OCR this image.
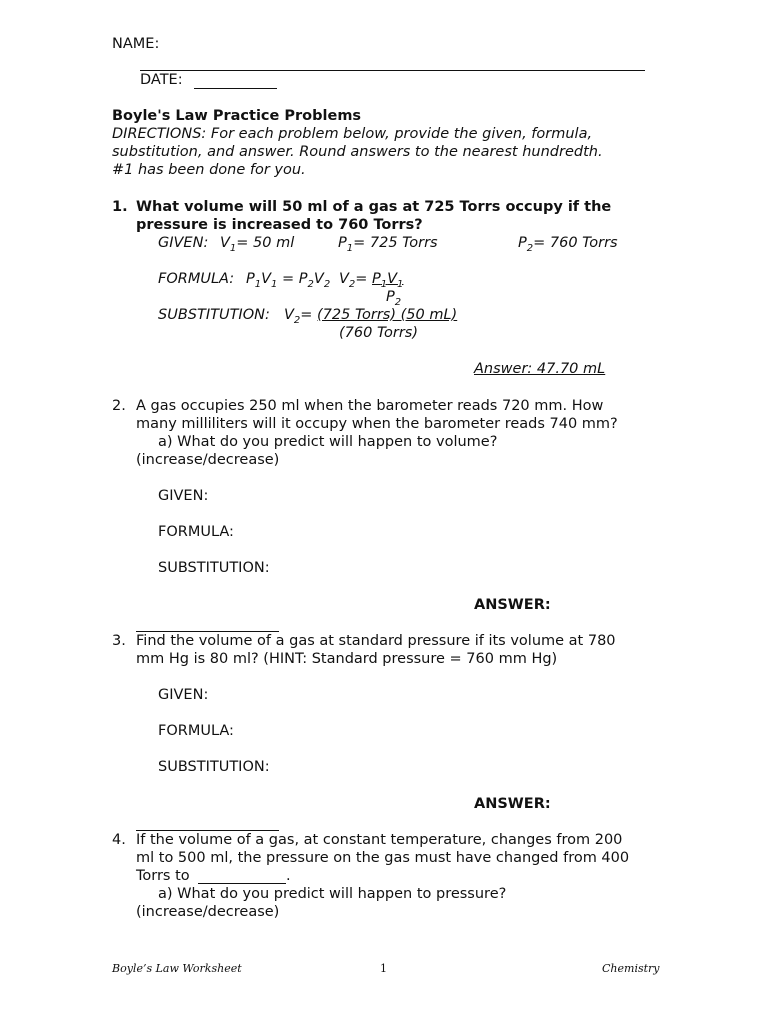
NAME:
DATE:
Boyle's Law Practice Problems
DIRECTIONS: For each problem below, provide the given, formula,
substitution, and answer. Round answers to the nearest hundredth.
#1 has been done for you.
1. What volume will 50 ml of a gas at 725 Torrs occupy if the
pressure is increased to 760 Torrs?
GIVEN: $V_1= 50$ ml	$P_1= 725$ Torrs	$P_2= 760$ Torrs
FORMULA: $P_1V_1 = P_2V_2$ $V_2= P_1V_1$
$P_2$
SUBSTITUTION: $V_2= (725$ Torrs) (50 mL)
(760 Torrs)
Answer: 47.70 mL
2. A gas occupies 250 ml when the barometer reads 720 mm. How
many milliliters will it occupy when the barometer reads 740 mm?
a) What do you predict will happen to volume?
(increase/decrease)
GIVEN:
FORMULA:
SUBSTITUTION:
ANSWER:
3. Find the volume of a gas at standard pressure if its volume at 780
mm Hg is 80 ml? (HINT: Standard pressure = 760 mm Hg)
GIVEN:
FORMULA:
SUBSTITUTION:
ANSWER:
4. If the volume of a gas, at constant temperature, changes from 200
ml to 500 ml, the pressure on the gas must have changed from 400
Torrs to	.
a) What do you predict will happen to pressure?
(increase/decrease)
Boyle’s Law Worksheet	1	Chemistry
